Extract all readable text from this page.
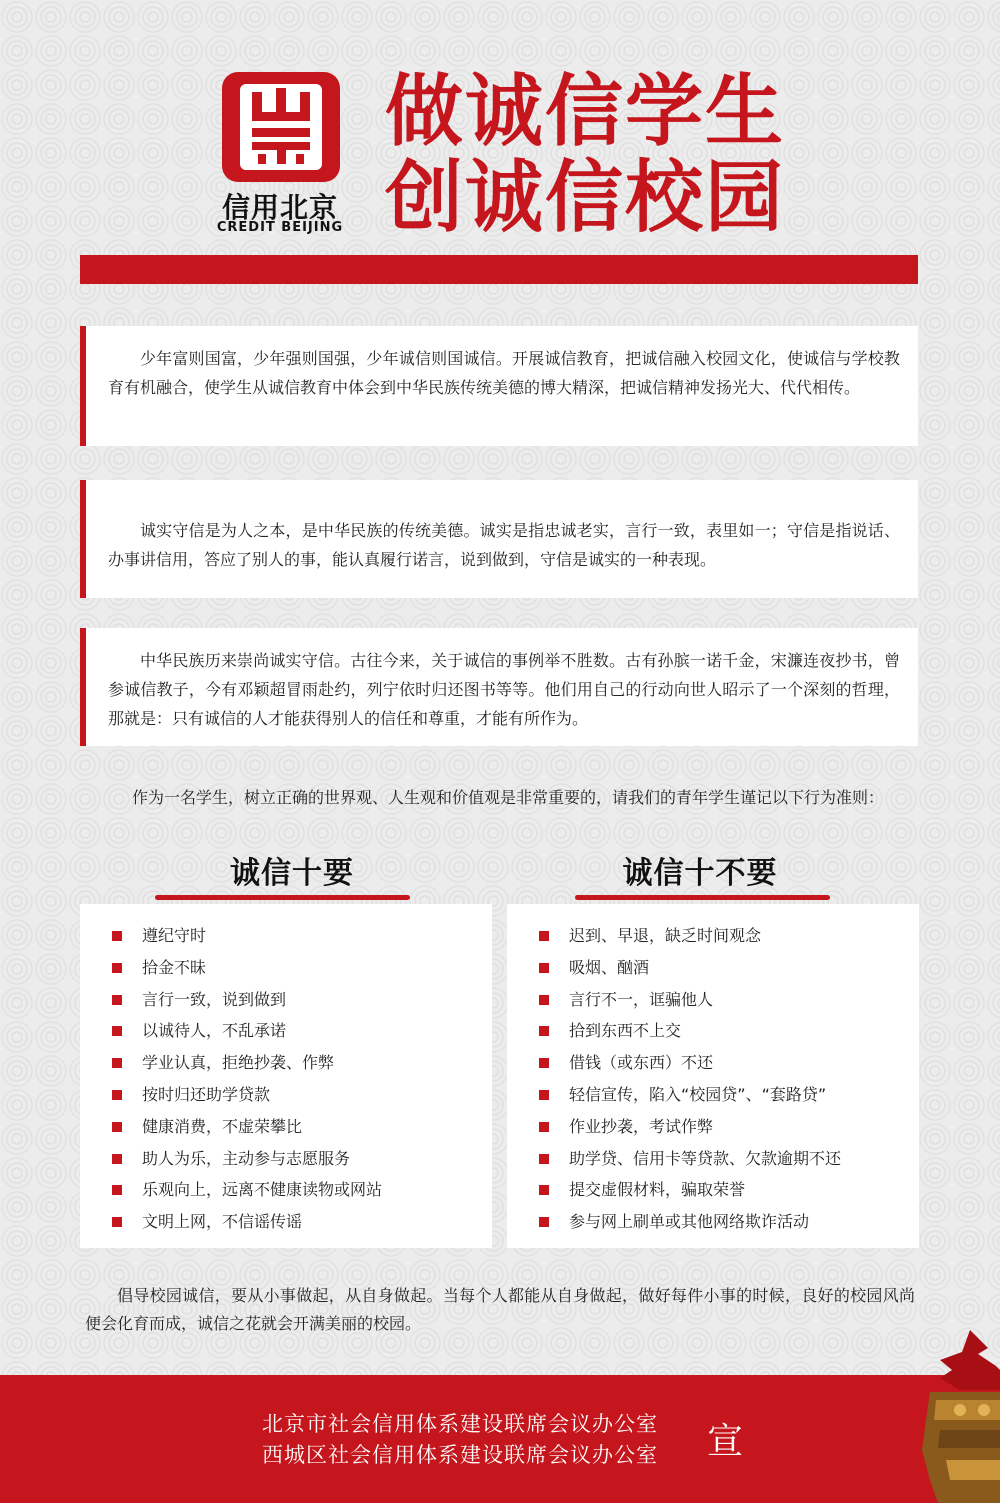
信用北京
CREDIT BEIJING
做诚信学生
创诚信校园

少年富则国富，少年强则国强，少年诚信则国诚信。开展诚信教育，把诚信融入校园文化，使诚信与学校教育有机融合，使学生从诚信教育中体会到中华民族传统美德的博大精深，把诚信精神发扬光大、代代相传。

诚实守信是为人之本，是中华民族的传统美德。诚实是指忠诚老实，言行一致，表里如一；守信是指说话、办事讲信用，答应了别人的事，能认真履行诺言，说到做到，守信是诚实的一种表现。

中华民族历来崇尚诚实守信。古往今来，关于诚信的事例举不胜数。古有孙膑一诺千金，宋濂连夜抄书，曾参诚信教子，今有邓颖超冒雨赴约，列宁依时归还图书等等。他们用自己的行动向世人昭示了一个深刻的哲理，那就是：只有诚信的人才能获得别人的信任和尊重，才能有所作为。

作为一名学生，树立正确的世界观、人生观和价值观是非常重要的，请我们的青年学生谨记以下行为准则：
诚信十要	诚信十不要
遵纪守时
拾金不昧
言行一致，说到做到
以诚待人，不乱承诺
学业认真，拒绝抄袭、作弊
按时归还助学贷款
健康消费，不虚荣攀比
助人为乐，主动参与志愿服务
乐观向上，远离不健康读物或网站
文明上网，不信谣传谣
迟到、早退，缺乏时间观念
吸烟、酗酒
言行不一，诓骗他人
拾到东西不上交
借钱（或东西）不还
轻信宣传，陷入“校园贷”、“套路贷”
作业抄袭，考试作弊
助学贷、信用卡等贷款、欠款逾期不还
提交虚假材料，骗取荣誉
参与网上刷单或其他网络欺诈活动
倡导校园诚信，要从小事做起，从自身做起。当每个人都能从自身做起，做好每件小事的时候，良好的校园风尚便会化育而成，诚信之花就会开满美丽的校园。
北京市社会信用体系建设联席会议办公室
西城区社会信用体系建设联席会议办公室	宣
